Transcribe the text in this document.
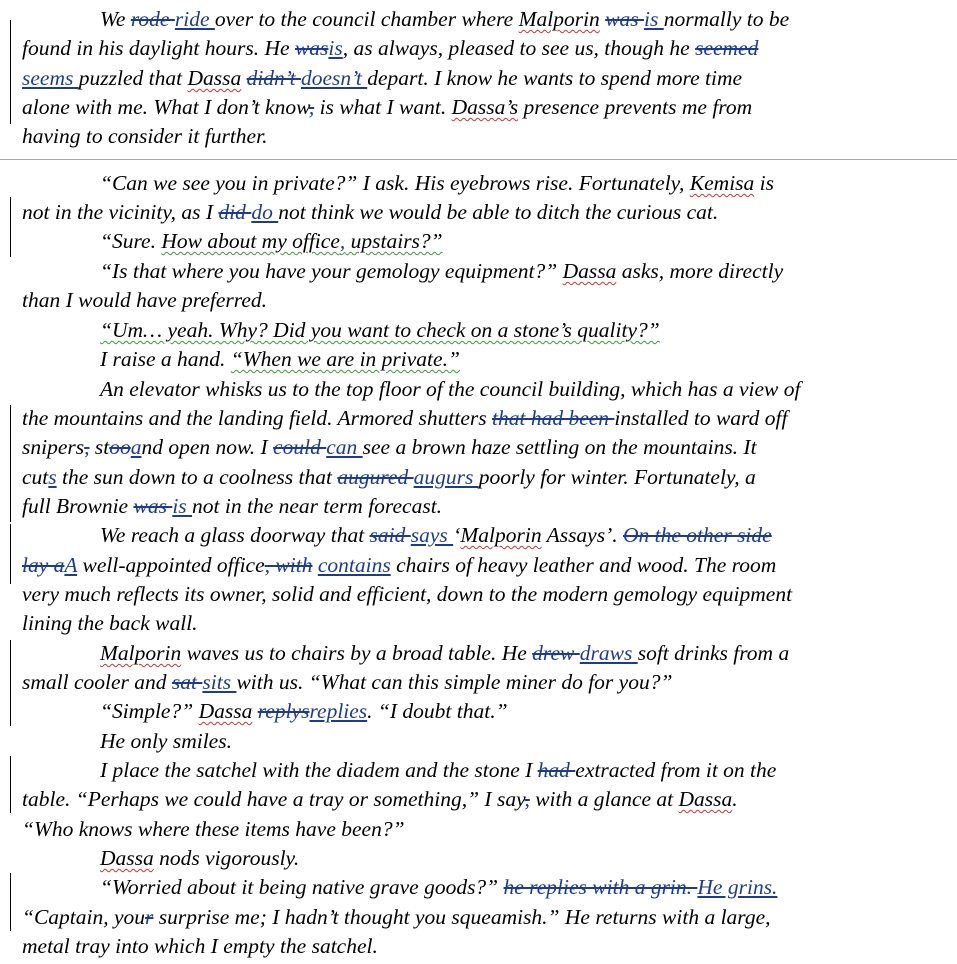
We rode ride over to the council chamber where Malporin was is normally to be
found in his daylight hours. He wasis, as always, pleased to see us, though he seemed
seems puzzled that Dassa didn’t doesn’t depart. I know he wants to spend more time
alone with me. What I don’t know, is what I want. Dassa’s presence prevents me from
having to consider it further.
“Can we see you in private?” I ask. His eyebrows rise. Fortunately, Kemisa is
not in the vicinity, as I did do not think we would be able to ditch the curious cat.
“Sure. How about my office, upstairs?”
“Is that where you have your gemology equipment?” Dassa asks, more directly
than I would have preferred.
“Um… yeah. Why? Did you want to check on a stone’s quality?”
I raise a hand. “When we are in private.”
An elevator whisks us to the top floor of the council building, which has a view of
the mountains and the landing field. Armored shutters that had been installed to ward off
snipers, stooand open now. I could can see a brown haze settling on the mountains. It
cuts the sun down to a coolness that augured augurs poorly for winter. Fortunately, a
full Brownie was is not in the near term forecast.
We reach a glass doorway that said says ‘Malporin Assays’. On the other side
lay aA well-appointed office, with contains chairs of heavy leather and wood. The room
very much reflects its owner, solid and efficient, down to the modern gemology equipment
lining the back wall.
Malporin waves us to chairs by a broad table. He drew draws soft drinks from a
small cooler and sat sits with us. “What can this simple miner do for you?”
“Simple?” Dassa replysreplies. “I doubt that.”
He only smiles.
I place the satchel with the diadem and the stone I had extracted from it on the
table. “Perhaps we could have a tray or something,” I say, with a glance at Dassa.
“Who knows where these items have been?”
Dassa nods vigorously.
“Worried about it being native grave goods?” he replies with a grin. He grins.
“Captain, your surprise me; I hadn’t thought you squeamish.” He returns with a large,
metal tray into which I empty the satchel.
